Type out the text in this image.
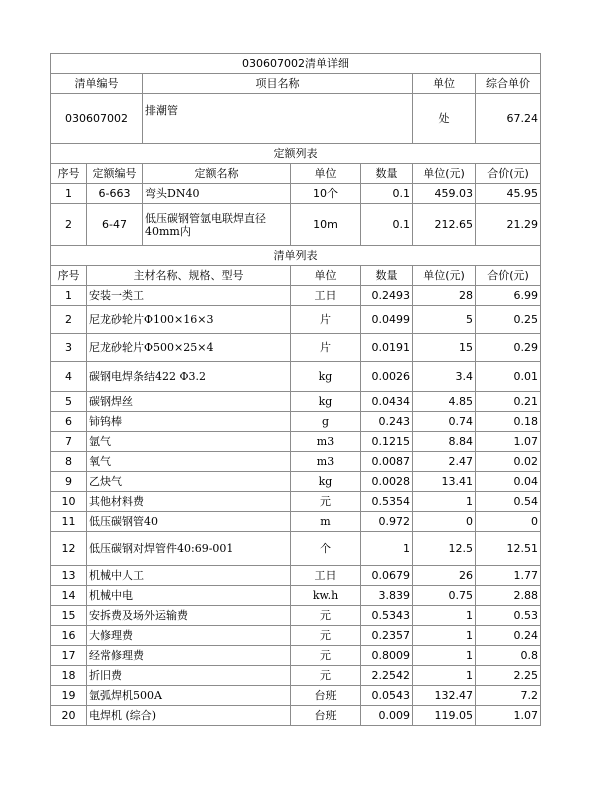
030607002清单详细						
清单编号		项目名称			单位	综合单价
030607002		排潮管			处	67.24
定额列表						
序号	定额编号	定额名称	单位	数量	单位(元)	合价(元)
1	6-663	弯头DN40	10个	0.1	459.03	45.95
2	6-47	低压碳钢管氩电联焊直径40mm内	10m	0.1	212.65	21.29
清单列表						
序号	主材名称、规格、型号		单位	数量	单位(元)	合价(元)
1	安装一类工		工日	0.2493	28	6.99
2	尼龙砂轮片Φ100×16×3		片	0.0499	5	0.25
3	尼龙砂轮片Φ500×25×4		片	0.0191	15	0.29
4	碳钢电焊条结422 Φ3.2		kg	0.0026	3.4	0.01
5	碳钢焊丝		kg	0.0434	4.85	0.21
6	铈钨棒		g	0.243	0.74	0.18
7	氩气		m3	0.1215	8.84	1.07
8	氧气		m3	0.0087	2.47	0.02
9	乙炔气		kg	0.0028	13.41	0.04
10	其他材料费		元	0.5354	1	0.54
11	低压碳钢管40		m	0.972	0	0
12	低压碳钢对焊管件40:69-001		个	1	12.5	12.51
13	机械中人工		工日	0.0679	26	1.77
14	机械中电		kw.h	3.839	0.75	2.88
15	安拆费及场外运输费		元	0.5343	1	0.53
16	大修理费		元	0.2357	1	0.24
17	经常修理费		元	0.8009	1	0.8
18	折旧费		元	2.2542	1	2.25
19	氩弧焊机500A		台班	0.0543	132.47	7.2
20	电焊机 (综合)		台班	0.009	119.05	1.07
